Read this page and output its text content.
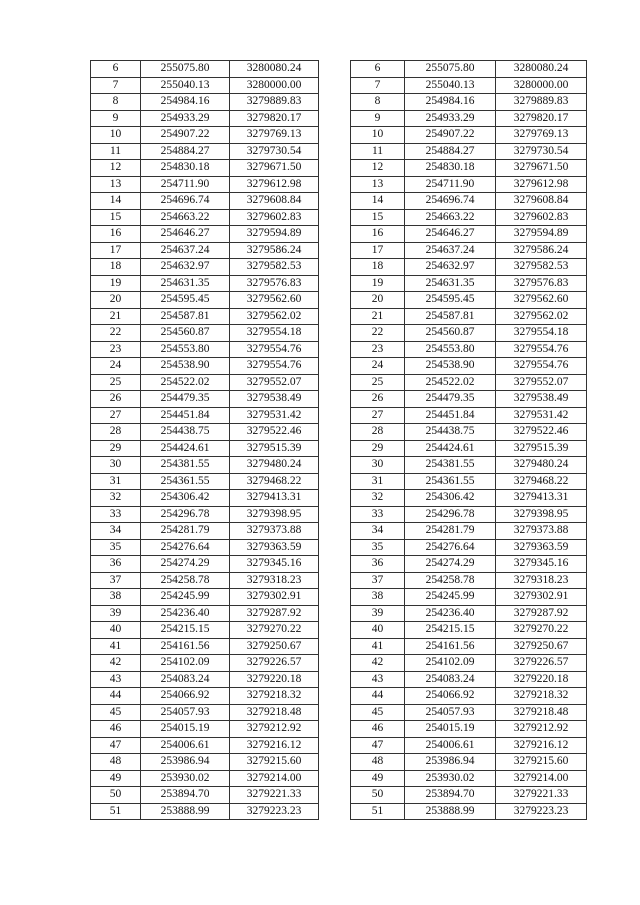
6	255075.80	3280080.24
7	255040.13	3280000.00
8	254984.16	3279889.83
9	254933.29	3279820.17
10	254907.22	3279769.13
11	254884.27	3279730.54
12	254830.18	3279671.50
13	254711.90	3279612.98
14	254696.74	3279608.84
15	254663.22	3279602.83
16	254646.27	3279594.89
17	254637.24	3279586.24
18	254632.97	3279582.53
19	254631.35	3279576.83
20	254595.45	3279562.60
21	254587.81	3279562.02
22	254560.87	3279554.18
23	254553.80	3279554.76
24	254538.90	3279554.76
25	254522.02	3279552.07
26	254479.35	3279538.49
27	254451.84	3279531.42
28	254438.75	3279522.46
29	254424.61	3279515.39
30	254381.55	3279480.24
31	254361.55	3279468.22
32	254306.42	3279413.31
33	254296.78	3279398.95
34	254281.79	3279373.88
35	254276.64	3279363.59
36	254274.29	3279345.16
37	254258.78	3279318.23
38	254245.99	3279302.91
39	254236.40	3279287.92
40	254215.15	3279270.22
41	254161.56	3279250.67
42	254102.09	3279226.57
43	254083.24	3279220.18
44	254066.92	3279218.32
45	254057.93	3279218.48
46	254015.19	3279212.92
47	254006.61	3279216.12
48	253986.94	3279215.60
49	253930.02	3279214.00
50	253894.70	3279221.33
51	253888.99	3279223.23
6	255075.80	3280080.24
7	255040.13	3280000.00
8	254984.16	3279889.83
9	254933.29	3279820.17
10	254907.22	3279769.13
11	254884.27	3279730.54
12	254830.18	3279671.50
13	254711.90	3279612.98
14	254696.74	3279608.84
15	254663.22	3279602.83
16	254646.27	3279594.89
17	254637.24	3279586.24
18	254632.97	3279582.53
19	254631.35	3279576.83
20	254595.45	3279562.60
21	254587.81	3279562.02
22	254560.87	3279554.18
23	254553.80	3279554.76
24	254538.90	3279554.76
25	254522.02	3279552.07
26	254479.35	3279538.49
27	254451.84	3279531.42
28	254438.75	3279522.46
29	254424.61	3279515.39
30	254381.55	3279480.24
31	254361.55	3279468.22
32	254306.42	3279413.31
33	254296.78	3279398.95
34	254281.79	3279373.88
35	254276.64	3279363.59
36	254274.29	3279345.16
37	254258.78	3279318.23
38	254245.99	3279302.91
39	254236.40	3279287.92
40	254215.15	3279270.22
41	254161.56	3279250.67
42	254102.09	3279226.57
43	254083.24	3279220.18
44	254066.92	3279218.32
45	254057.93	3279218.48
46	254015.19	3279212.92
47	254006.61	3279216.12
48	253986.94	3279215.60
49	253930.02	3279214.00
50	253894.70	3279221.33
51	253888.99	3279223.23
